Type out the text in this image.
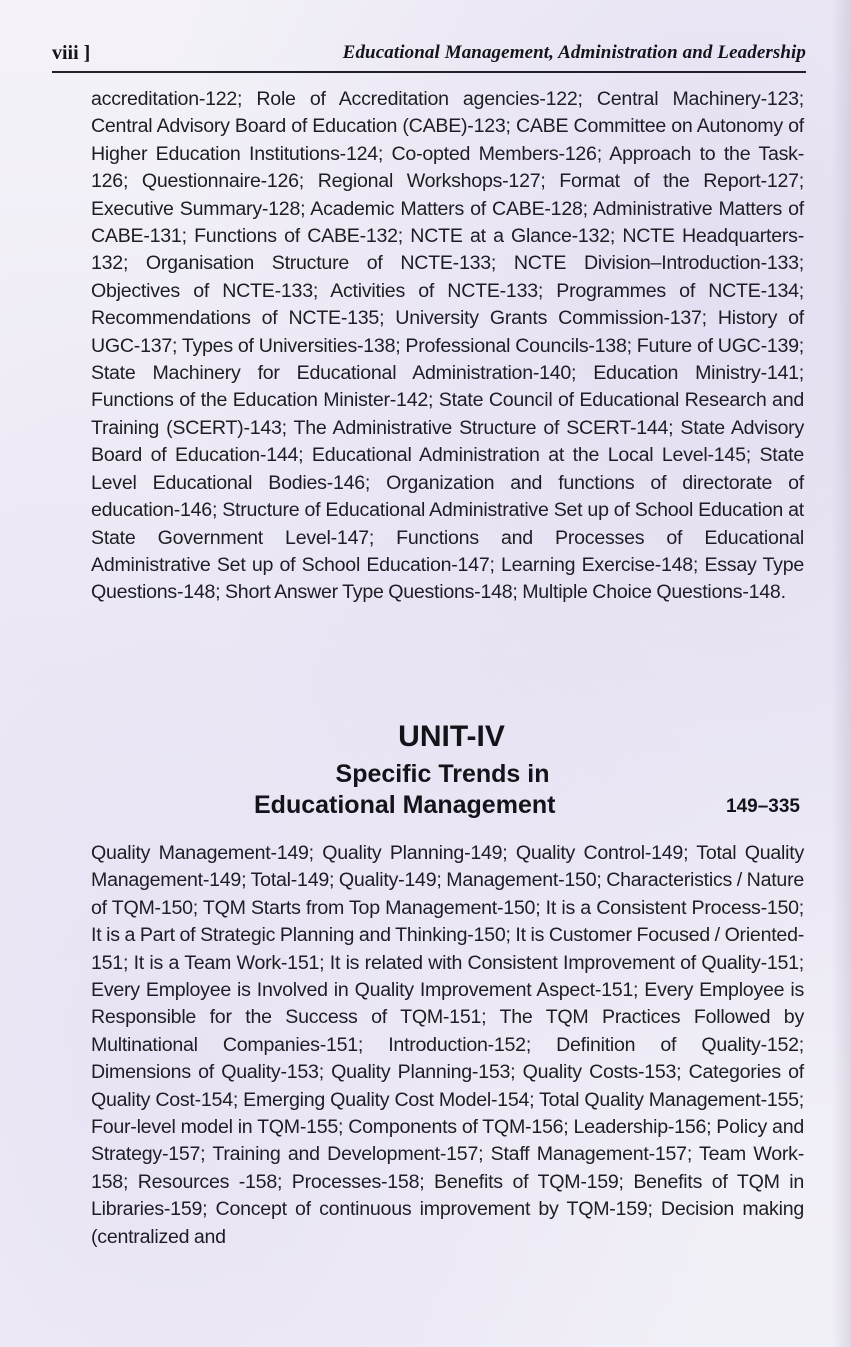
viii ]	Educational Management, Administration and Leadership

accreditation-122; Role of Accreditation agencies-122; Central Machinery-123; Central Advisory Board of Education (CABE)-123; CABE Committee on Autonomy of Higher Education Institutions-124; Co-opted Members-126; Approach to the Task-126; Questionnaire-126; Regional Workshops-127; Format of the Report-127; Executive Summary-128; Academic Matters of CABE-128; Administrative Matters of CABE-131; Functions of CABE-132; NCTE at a Glance-132; NCTE Headquarters-132; Organisation Structure of NCTE-133; NCTE Division–Introduction-133; Objectives of NCTE-133; Activities of NCTE-133; Programmes of NCTE-134; Recommendations of NCTE-135; University Grants Commission-137; History of UGC-137; Types of Universities-138; Professional Councils-138; Future of UGC-139; State Machinery for Educational Administration-140; Education Ministry-141; Functions of the Education Minister-142; State Council of Educational Research and Training (SCERT)-143; The Administrative Structure of SCERT-144; State Advisory Board of Education-144; Educational Administration at the Local Level-145; State Level Educational Bodies-146; Organization and functions of directorate of education-146; Structure of Educational Administrative Set up of School Education at State Government Level-147; Functions and Processes of Educational Administrative Set up of School Education-147; Learning Exercise-148; Essay Type Questions-148; Short Answer Type Questions-148; Multiple Choice Questions-148.

UNIT-IV
Specific Trends in
Educational Management	149–335

Quality Management-149; Quality Planning-149; Quality Control-149; Total Quality Management-149; Total-149; Quality-149; Management-150; Characteristics / Nature of TQM-150; TQM Starts from Top Management-150; It is a Consistent Process-150; It is a Part of Strategic Planning and Thinking-150; It is Customer Focused / Oriented-151; It is a Team Work-151; It is related with Consistent Improvement of Quality-151; Every Employee is Involved in Quality Improvement Aspect-151; Every Employee is Responsible for the Success of TQM-151; The TQM Practices Followed by Multinational Companies-151; Introduction-152; Definition of Quality-152; Dimensions of Quality-153; Quality Planning-153; Quality Costs-153; Categories of Quality Cost-154; Emerging Quality Cost Model-154; Total Quality Management-155; Four-level model in TQM-155; Components of TQM-156; Leadership-156; Policy and Strategy-157; Training and Development-157; Staff Management-157; Team Work-158; Resources -158; Processes-158; Benefits of TQM-159; Benefits of TQM in Libraries-159; Concept of continuous improvement by TQM-159; Decision making (centralized and
